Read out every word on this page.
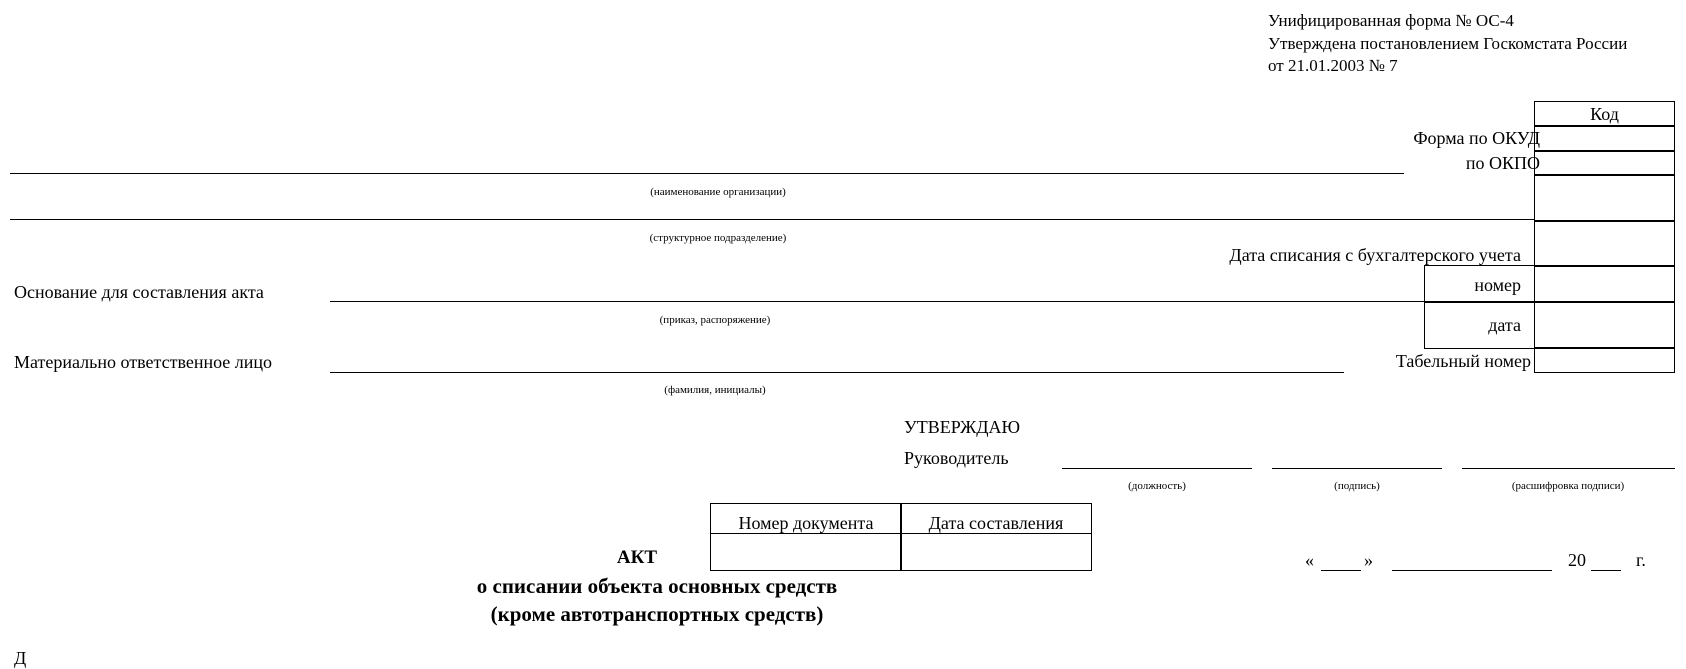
Унифицированная форма № ОС-4
Утверждена постановлением Госкомстата России
от 21.01.2003 № 7
Код
Форма по ОКУД
по ОКПО
Дата списания с бухгалтерского учета
номер
дата
Табельный номер
(наименование организации)
(структурное подразделение)
Основание для составления акта
(приказ, распоряжение)
Материально ответственное лицо
(фамилия, инициалы)
УТВЕРЖДАЮ
Руководитель
(должность)	(подпись)	(расшифровка подписи)
«	»	20	г.
Номер документа	Дата составления
АКТ
о списании объекта основных средств
(кроме автотранспортных средств)
Д
